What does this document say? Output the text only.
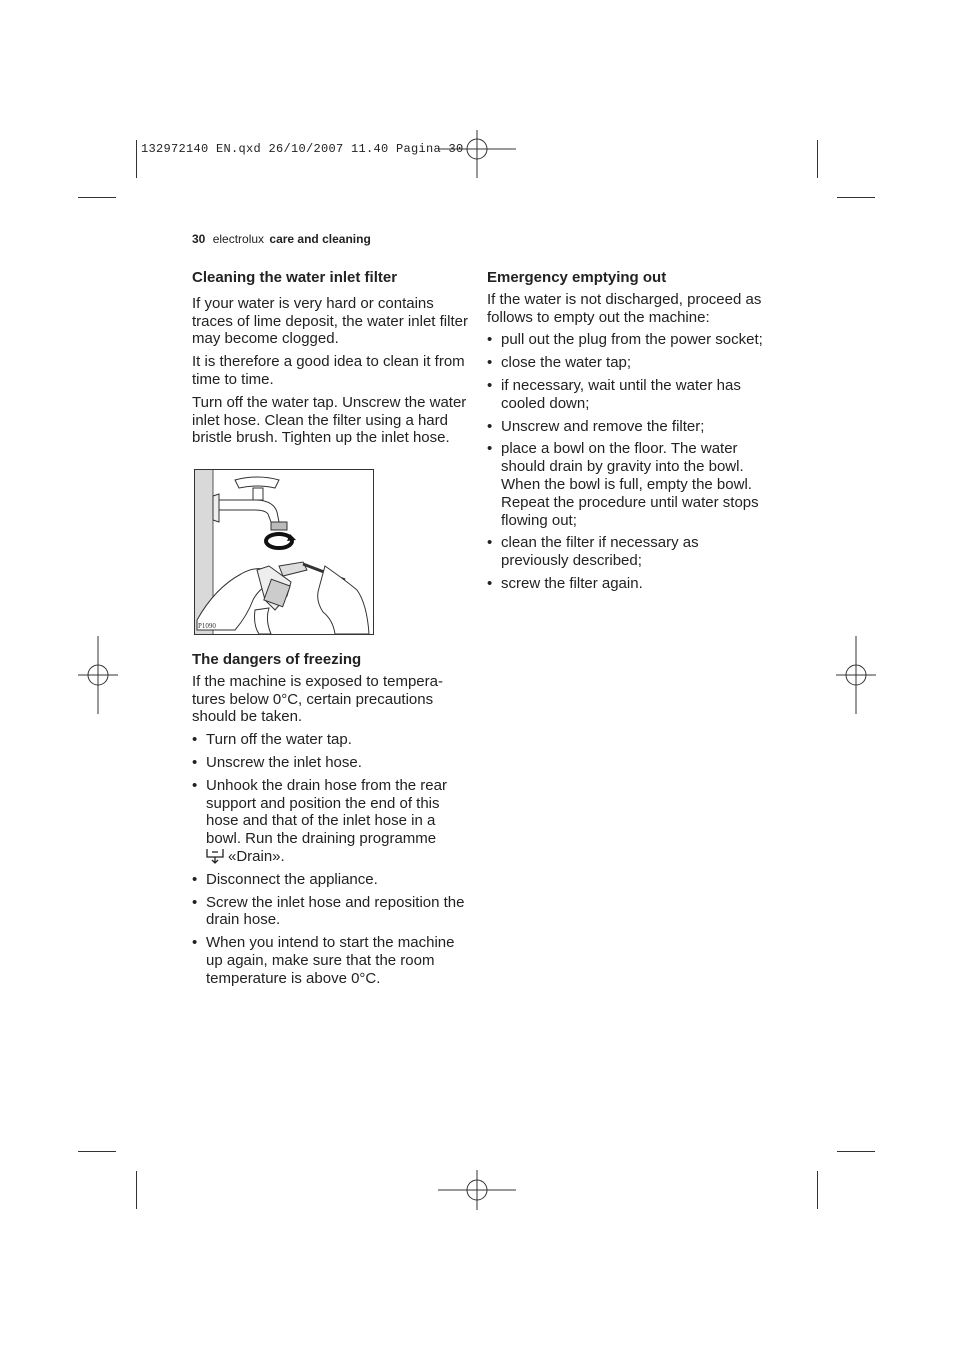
132972140 EN.qxd 26/10/2007 11.40 Pagina 30
30 electrolux care and cleaning
Cleaning the water inlet filter
If your water is very hard or contains traces of lime deposit, the water inlet filter may become clogged.
It is therefore a good idea to clean it from time to time.
Turn off the water tap. Unscrew the water inlet hose. Clean the filter using a hard bristle brush. Tighten up the inlet hose.
P1090
The dangers of freezing
If the machine is exposed to tempera-tures below 0°C, certain precautions should be taken.
• Turn off the water tap.
• Unscrew the inlet hose.
• Unhook the drain hose from the rear support and position the end of this hose and that of the inlet hose in a bowl. Run the draining programme
«Drain».
• Disconnect the appliance.
• Screw the inlet hose and reposition the drain hose.
• When you intend to start the machine up again, make sure that the room temperature is above 0°C.
Emergency emptying out
If the water is not discharged, proceed as follows to empty out the machine:
• pull out the plug from the power socket;
• close the water tap;
• if necessary, wait until the water has cooled down;
• Unscrew and remove the filter;
• place a bowl on the floor. The water should drain by gravity into the bowl. When the bowl is full, empty the bowl. Repeat the procedure until water stops flowing out;
• clean the filter if necessary as previously described;
• screw the filter again.
